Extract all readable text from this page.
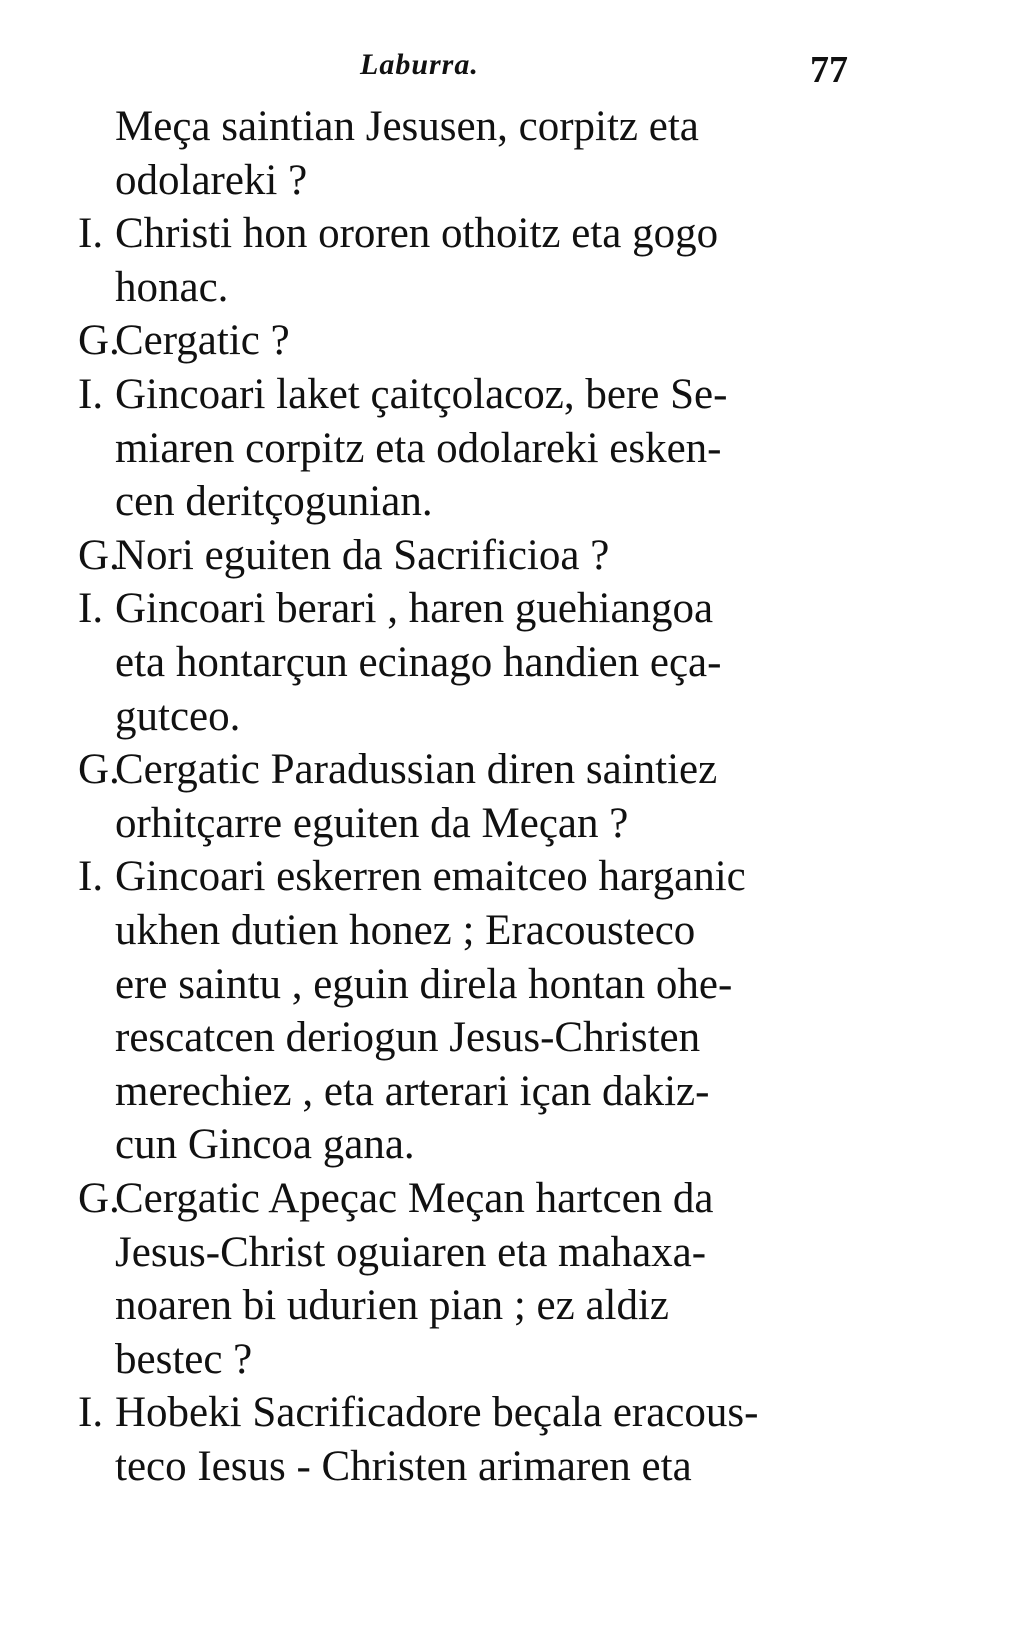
Laburra.	77
Meça saintian Jesusen, corpitz eta
odolareki ?
I. Christi hon ororen othoitz eta gogo
honac.
G.
Cergatic ?
I. Gincoari laket çaitçolacoz, bere Se-
miaren corpitz eta odolareki esken-
cen deritçogunian.
G.
Nori eguiten da Sacrificioa ?
I. Gincoari berari , haren guehiangoa
eta hontarçun ecinago handien eça-
gutceo.
G.
Cergatic Paradussian diren saintiez
orhitçarre eguiten da Meçan ?
I. Gincoari eskerren emaitceo harganic
ukhen dutien honez ; Eracousteco
ere saintu , eguin direla hontan ohe-
rescatcen deriogun Jesus-Christen
merechiez , eta arterari içan dakiz-
cun Gincoa gana.
G.
Cergatic Apeçac Meçan hartcen da
Jesus-Christ oguiaren eta mahaxa-
noaren bi udurien pian ; ez aldiz
bestec ?
I. Hobeki Sacrificadore beçala eracous-
teco Iesus - Christen arimaren eta
